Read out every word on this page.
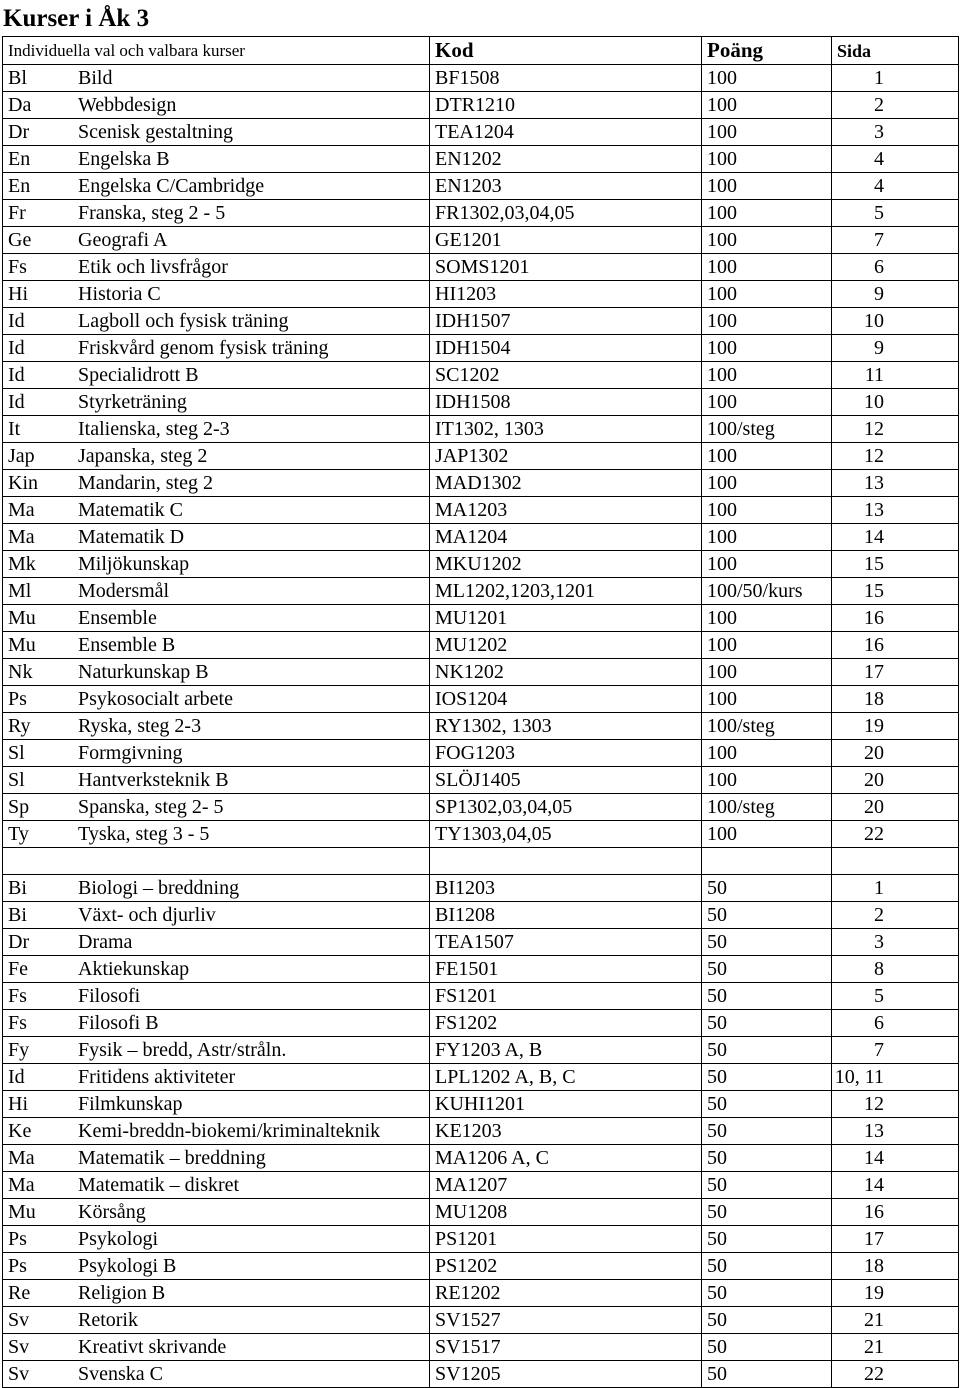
Kurser i Åk 3
Individuella val och valbara kurser	Kod	Poäng	Sida
Bl Bild	BF1508	100	1
Da Webbdesign	DTR1210	100	2
Dr Scenisk gestaltning	TEA1204	100	3
En Engelska B	EN1202	100	4
En Engelska C/Cambridge	EN1203	100	4
Fr Franska, steg 2 - 5	FR1302,03,04,05	100	5
Ge Geografi A	GE1201	100	7
Fs Etik och livsfrågor	SOMS1201	100	6
Hi Historia C	HI1203	100	9
Id Lagboll och fysisk träning	IDH1507	100	10
Id Friskvård genom fysisk träning	IDH1504	100	9
Id Specialidrott B	SC1202	100	11
Id Styrketräning	IDH1508	100	10
It Italienska, steg 2-3	IT1302, 1303	100/steg	12
Jap Japanska, steg 2	JAP1302	100	12
Kin Mandarin, steg 2	MAD1302	100	13
Ma Matematik C	MA1203	100	13
Ma Matematik D	MA1204	100	14
Mk Miljökunskap	MKU1202	100	15
Ml Modersmål	ML1202,1203,1201	100/50/kurs	15
Mu Ensemble	MU1201	100	16
Mu Ensemble B	MU1202	100	16
Nk Naturkunskap B	NK1202	100	17
Ps Psykosocialt arbete	IOS1204	100	18
Ry Ryska, steg 2-3	RY1302, 1303	100/steg	19
Sl Formgivning	FOG1203	100	20
Sl Hantverksteknik B	SLÖJ1405	100	20
Sp Spanska, steg 2- 5	SP1302,03,04,05	100/steg	20
Ty Tyska, steg 3 - 5	TY1303,04,05	100	22

Bi Biologi – breddning	BI1203	50	1
Bi Växt- och djurliv	BI1208	50	2
Dr Drama	TEA1507	50	3
Fe Aktiekunskap	FE1501	50	8
Fs Filosofi	FS1201	50	5
Fs Filosofi B	FS1202	50	6
Fy Fysik – bredd, Astr/stråln.	FY1203 A, B	50	7
Id Fritidens aktiviteter	LPL1202 A, B, C	50	10, 11
Hi Filmkunskap	KUHI1201	50	12
Ke Kemi-breddn-biokemi/kriminalteknik	KE1203	50	13
Ma Matematik – breddning	MA1206 A, C	50	14
Ma Matematik – diskret	MA1207	50	14
Mu Körsång	MU1208	50	16
Ps Psykologi	PS1201	50	17
Ps Psykologi B	PS1202	50	18
Re Religion B	RE1202	50	19
Sv Retorik	SV1527	50	21
Sv Kreativt skrivande	SV1517	50	21
Sv Svenska C	SV1205	50	22
